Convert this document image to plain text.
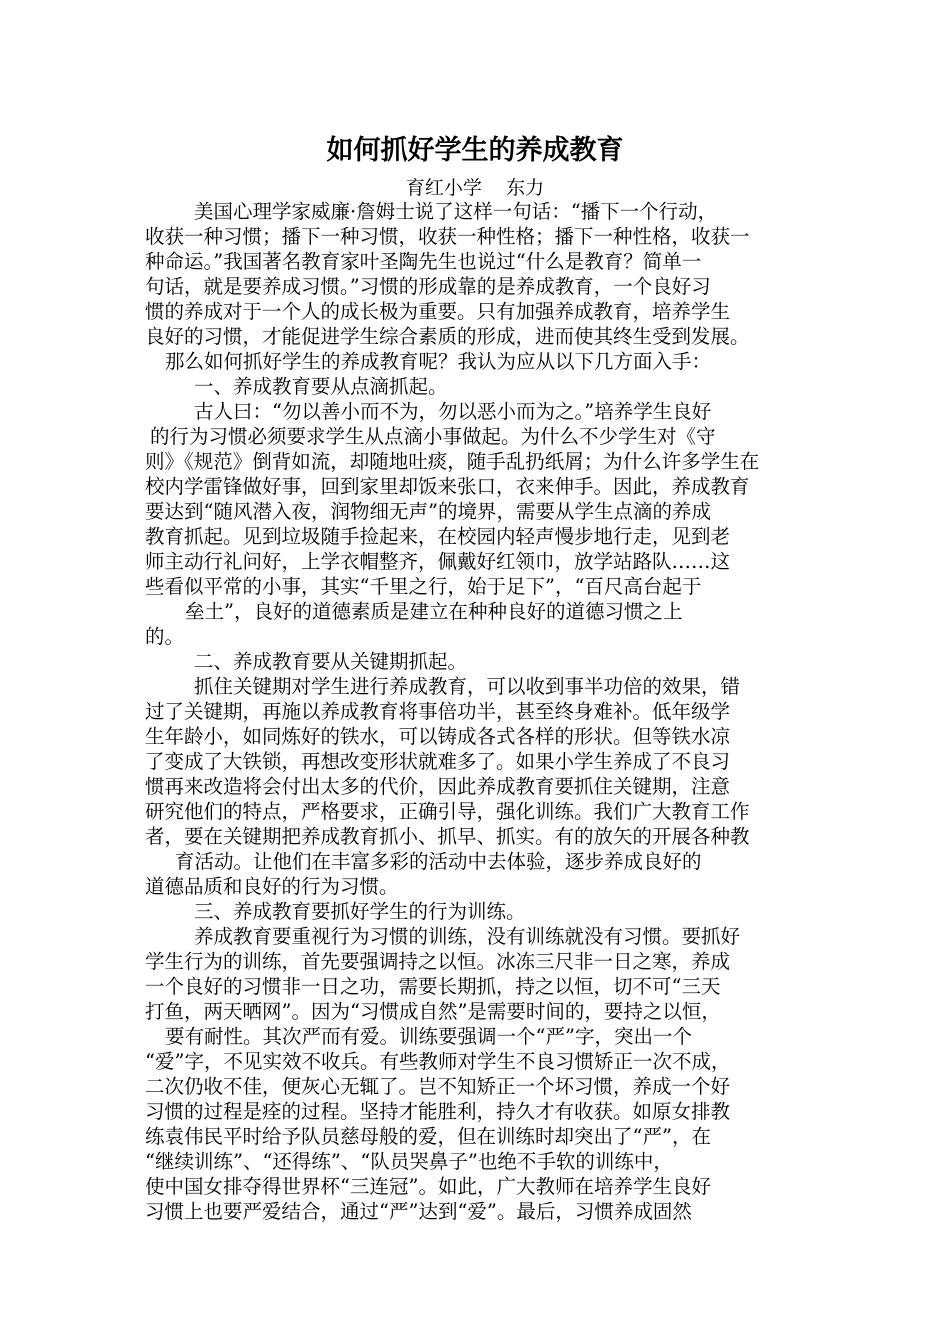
如何抓好学生的养成教育
育红小学    东力
美国心理学家威廉·詹姆士说了这样一句话：“播下一个行动，
收获一种习惯；播下一种习惯，收获一种性格；播下一种性格，收获一
种命运。”我国著名教育家叶圣陶先生也说过“什么是教育？简单一
句话，就是要养成习惯。”习惯的形成靠的是养成教育，一个良好习
惯的养成对于一个人的成长极为重要。只有加强养成教育，培养学生
良好的习惯，才能促进学生综合素质的形成，进而使其终生受到发展。
那么如何抓好学生的养成教育呢？我认为应从以下几方面入手：
一、养成教育要从点滴抓起。
古人曰：“勿以善小而不为，勿以恶小而为之。”培养学生良好
的行为习惯必须要求学生从点滴小事做起。为什么不少学生对《守
则》《规范》倒背如流，却随地吐痰，随手乱扔纸屑；为什么许多学生在
校内学雷锋做好事，回到家里却饭来张口，衣来伸手。因此，养成教育
要达到“随风潜入夜，润物细无声”的境界，需要从学生点滴的养成
教育抓起。见到垃圾随手捡起来，在校园内轻声慢步地行走，见到老
师主动行礼问好，上学衣帽整齐，佩戴好红领巾，放学站路队……这
些看似平常的小事，其实“千里之行，始于足下”，“百尺高台起于
垒土”，良好的道德素质是建立在种种良好的道德习惯之上
的。
二、养成教育要从关键期抓起。
抓住关键期对学生进行养成教育，可以收到事半功倍的效果，错
过了关键期，再施以养成教育将事倍功半，甚至终身难补。低年级学
生年龄小，如同炼好的铁水，可以铸成各式各样的形状。但等铁水凉
了变成了大铁锁，再想改变形状就难多了。如果小学生养成了不良习
惯再来改造将会付出太多的代价，因此养成教育要抓住关键期，注意
研究他们的特点，严格要求，正确引导，强化训练。我们广大教育工作
者，要在关键期把养成教育抓小、抓早、抓实。有的放矢的开展各种教
育活动。让他们在丰富多彩的活动中去体验，逐步养成良好的
道德品质和良好的行为习惯。
三、养成教育要抓好学生的行为训练。
养成教育要重视行为习惯的训练，没有训练就没有习惯。要抓好
学生行为的训练，首先要强调持之以恒。冰冻三尺非一日之寒，养成
一个良好的习惯非一日之功，需要长期抓，持之以恒，切不可“三天
打鱼，两天晒网”。因为“习惯成自然”是需要时间的，要持之以恒，
要有耐性。其次严而有爱。训练要强调一个“严”字，突出一个
“爱”字，不见实效不收兵。有些教师对学生不良习惯矫正一次不成，
二次仍收不佳，便灰心无辄了。岂不知矫正一个坏习惯，养成一个好
习惯的过程是痊的过程。坚持才能胜利，持久才有收获。如原女排教
练袁伟民平时给予队员慈母般的爱，但在训练时却突出了“严”，在
“继续训练”、“还得练”、“队员哭鼻子”也绝不手软的训练中，
使中国女排夺得世界杯“三连冠”。如此，广大教师在培养学生良好
习惯上也要严爱结合，通过“严”达到“爱”。最后，习惯养成固然
